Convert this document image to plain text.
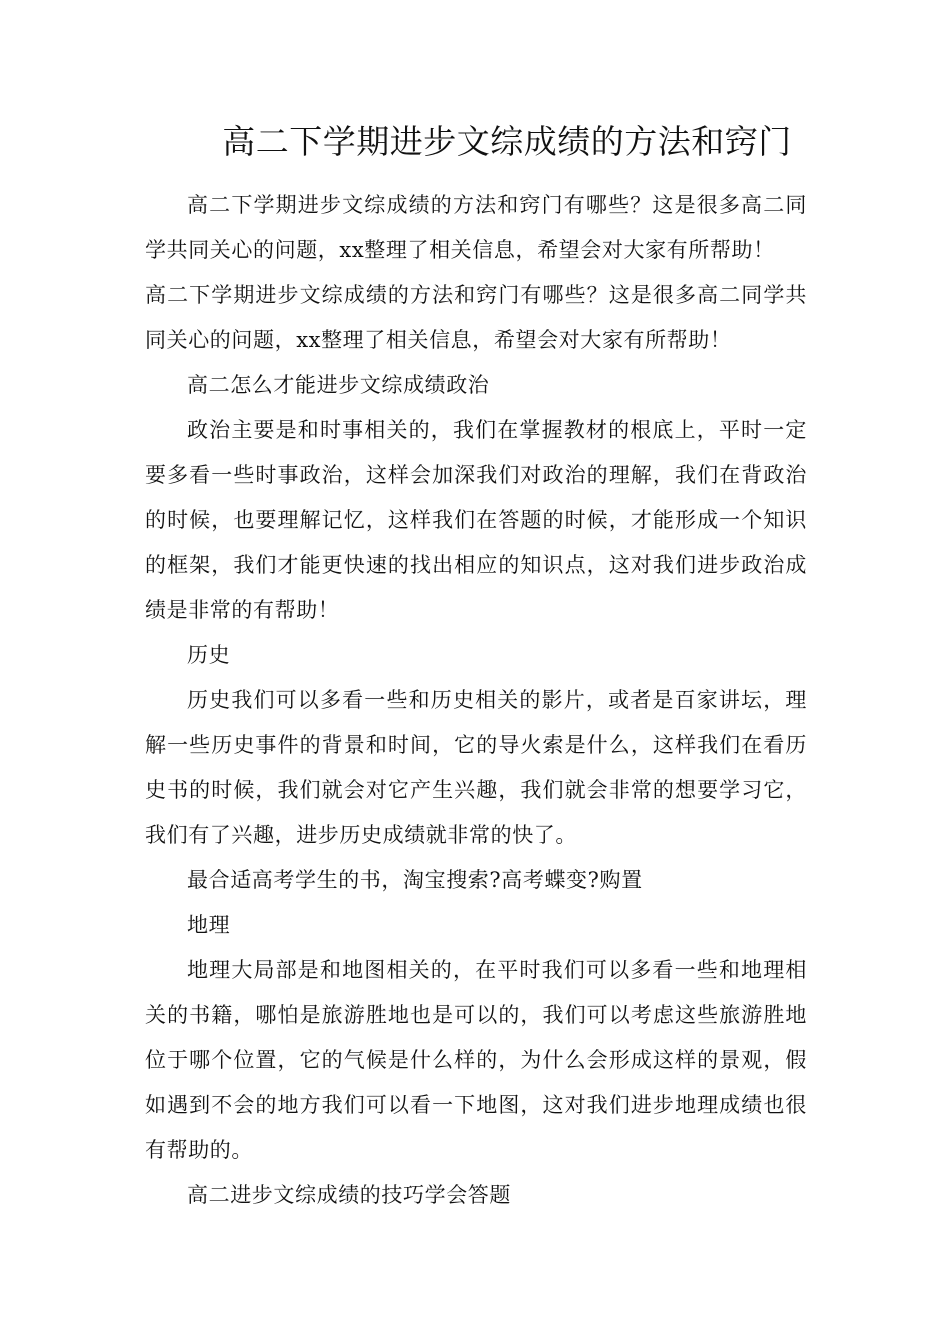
高二下学期进步文综成绩的方法和窍门

高二下学期进步文综成绩的方法和窍门有哪些？这是很多高二同学共同关心的问题，xx整理了相关信息，希望会对大家有所帮助！

高二下学期进步文综成绩的方法和窍门有哪些？这是很多高二同学共同关心的问题，xx整理了相关信息，希望会对大家有所帮助！

高二怎么才能进步文综成绩政治

政治主要是和时事相关的，我们在掌握教材的根底上，平时一定要多看一些时事政治，这样会加深我们对政治的理解，我们在背政治的时候，也要理解记忆，这样我们在答题的时候，才能形成一个知识的框架，我们才能更快速的找出相应的知识点，这对我们进步政治成绩是非常的有帮助！

历史

历史我们可以多看一些和历史相关的影片，或者是百家讲坛，理解一些历史事件的背景和时间，它的导火索是什么，这样我们在看历史书的时候，我们就会对它产生兴趣，我们就会非常的想要学习它，我们有了兴趣，进步历史成绩就非常的快了。

最合适高考学生的书，淘宝搜索?高考蝶变?购置

地理

地理大局部是和地图相关的，在平时我们可以多看一些和地理相关的书籍，哪怕是旅游胜地也是可以的，我们可以考虑这些旅游胜地位于哪个位置，它的气候是什么样的，为什么会形成这样的景观，假如遇到不会的地方我们可以看一下地图，这对我们进步地理成绩也很有帮助的。

高二进步文综成绩的技巧学会答题
